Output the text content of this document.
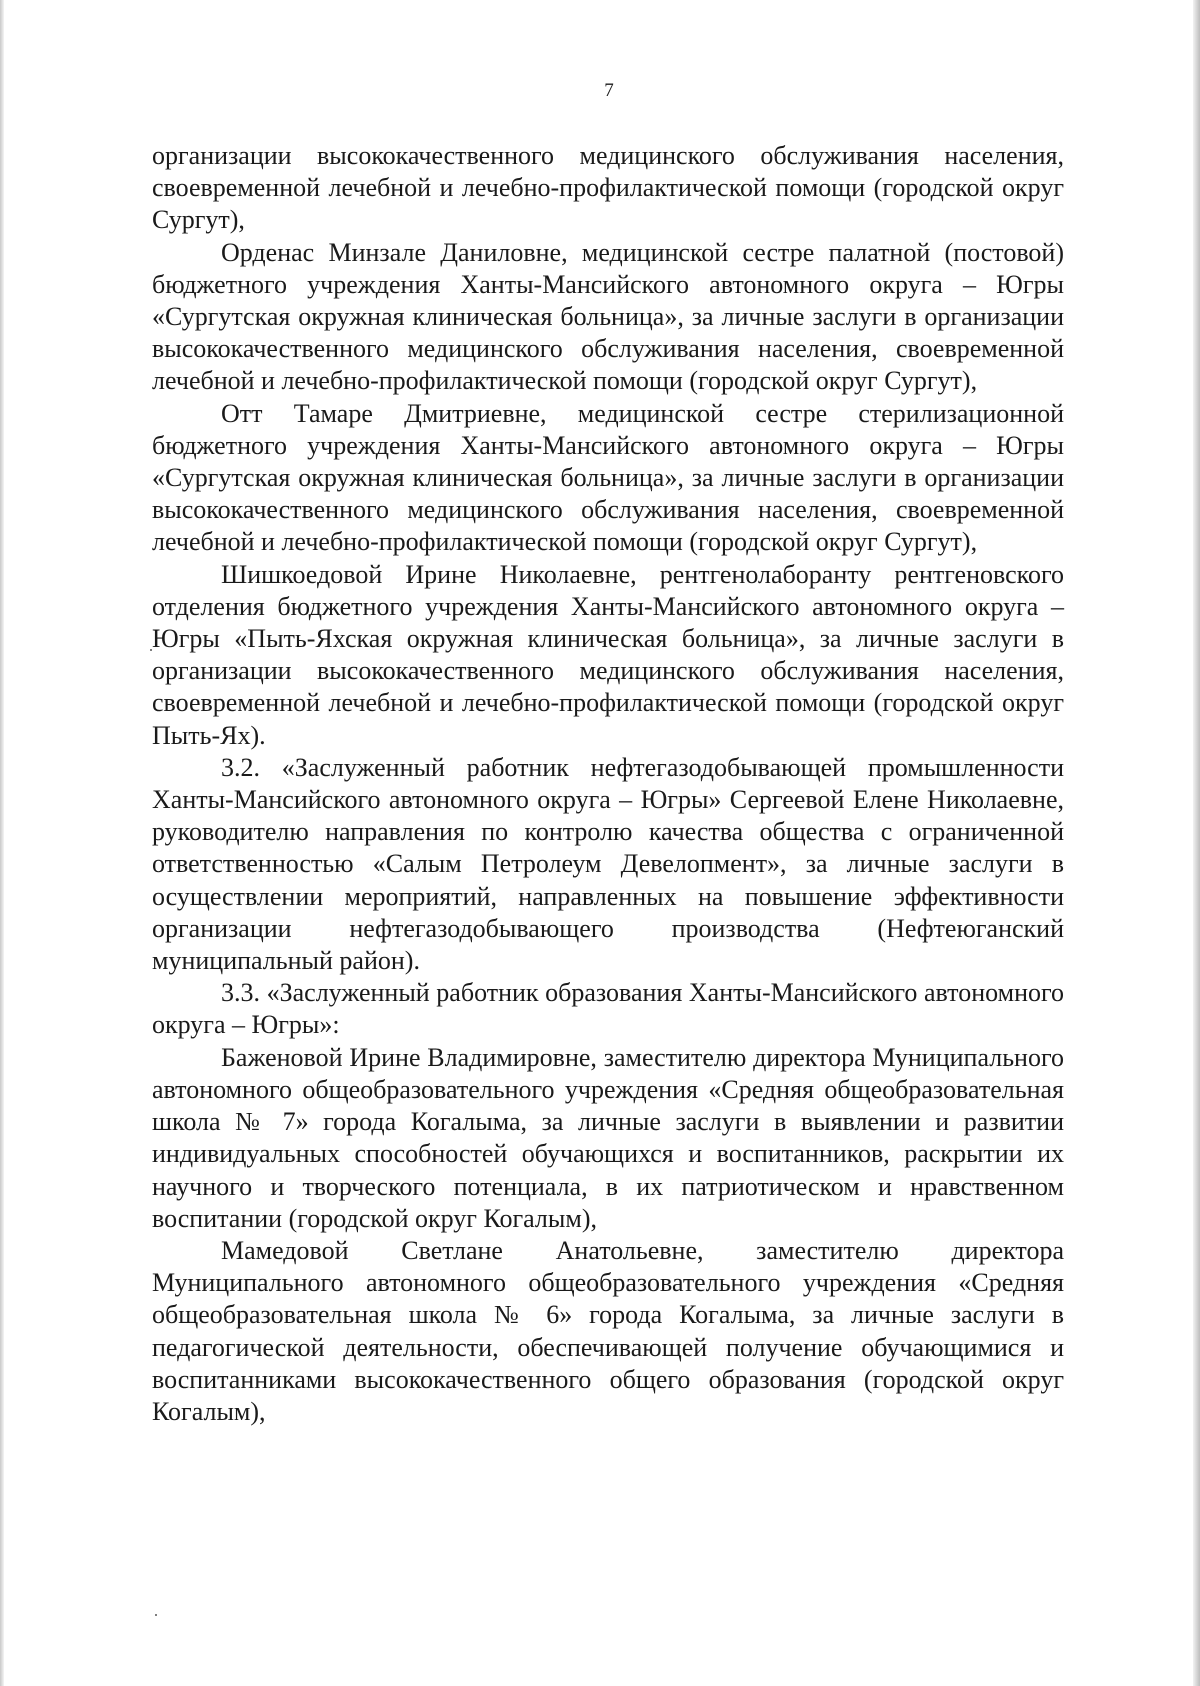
7

организации высококачественного медицинского обслуживания населения, своевременной лечебной и лечебно-профилактической помощи (городской округ Сургут),

Орденас Минзале Даниловне, медицинской сестре палатной (постовой) бюджетного учреждения Ханты-Мансийского автономного округа – Югры «Сургутская окружная клиническая больница», за личные заслуги в организации высококачественного медицинского обслуживания населения, своевременной лечебной и лечебно-профилактической помощи (городской округ Сургут),

Отт Тамаре Дмитриевне, медицинской сестре стерилизационной бюджетного учреждения Ханты-Мансийского автономного округа – Югры «Сургутская окружная клиническая больница», за личные заслуги в организации высококачественного медицинского обслуживания населения, своевременной лечебной и лечебно-профилактической помощи (городской округ Сургут),

Шишкоедовой Ирине Николаевне, рентгенолаборанту рентгеновского отделения бюджетного учреждения Ханты-Мансийского автономного округа – Югры «Пыть-Яхская окружная клиническая больница», за личные заслуги в организации высококачественного медицинского обслуживания населения, своевременной лечебной и лечебно-профилактической помощи (городской округ Пыть-Ях).

3.2. «Заслуженный работник нефтегазодобывающей промышленности Ханты-Мансийского автономного округа – Югры» Сергеевой Елене Николаевне, руководителю направления по контролю качества общества с ограниченной ответственностью «Салым Петролеум Девелопмент», за личные заслуги в осуществлении мероприятий, направленных на повышение эффективности организации нефтегазодобывающего производства (Нефтеюганский муниципальный район).

3.3. «Заслуженный работник образования Ханты-Мансийского автономного округа – Югры»:

Баженовой Ирине Владимировне, заместителю директора Муниципального автономного общеобразовательного учреждения «Средняя общеобразовательная школа № 7» города Когалыма, за личные заслуги в выявлении и развитии индивидуальных способностей обучающихся и воспитанников, раскрытии их научного и творческого потенциала, в их патриотическом и нравственном воспитании (городской округ Когалым),

Мамедовой Светлане Анатольевне, заместителю директора Муниципального автономного общеобразовательного учреждения «Средняя общеобразовательная школа № 6» города Когалыма, за личные заслуги в педагогической деятельности, обеспечивающей получение обучающимися и воспитанниками высококачественного общего образования (городской округ Когалым),
